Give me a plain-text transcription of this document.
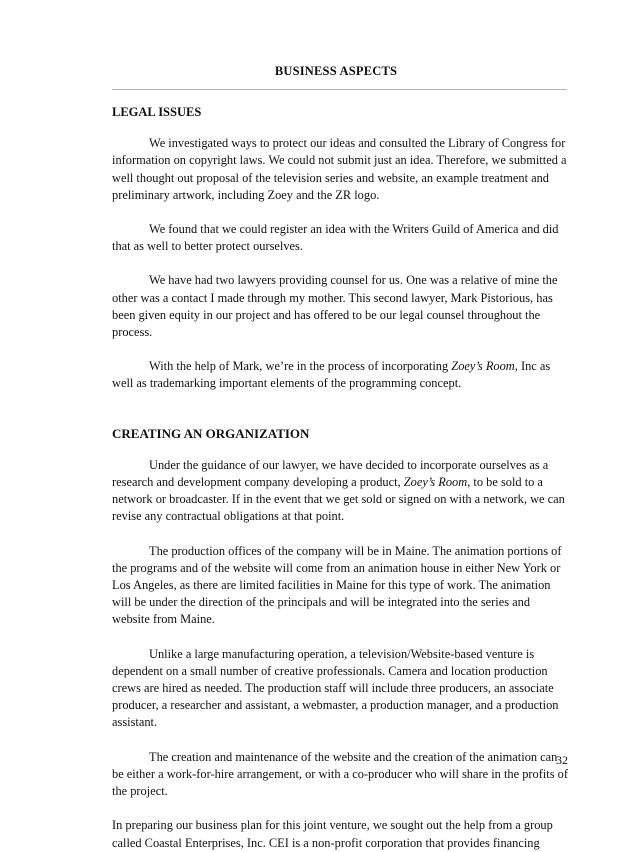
BUSINESS ASPECTS
LEGAL ISSUES

We investigated ways to protect our ideas and consulted the Library of Congress for information on copyright laws. We could not submit just an idea. Therefore, we submitted a well thought out proposal of the television series and website, an example treatment and preliminary artwork, including Zoey and the ZR logo.

We found that we could register an idea with the Writers Guild of America and did that as well to better protect ourselves.

We have had two lawyers providing counsel for us. One was a relative of mine the other was a contact I made through my mother. This second lawyer, Mark Pistorious, has been given equity in our project and has offered to be our legal counsel throughout the process.

With the help of Mark, we’re in the process of incorporating Zoey’s Room, Inc as well as trademarking important elements of the programming concept.

CREATING AN ORGANIZATION

Under the guidance of our lawyer, we have decided to incorporate ourselves as a research and development company developing a product, Zoey’s Room, to be sold to a network or broadcaster. If in the event that we get sold or signed on with a network, we can revise any contractual obligations at that point.

The production offices of the company will be in Maine. The animation portions of the programs and of the website will come from an animation house in either New York or Los Angeles, as there are limited facilities in Maine for this type of work. The animation will be under the direction of the principals and will be integrated into the series and website from Maine.

Unlike a large manufacturing operation, a television/Website-based venture is dependent on a small number of creative professionals. Camera and location production crews are hired as needed. The production staff will include three producers, an associate producer, a researcher and assistant, a webmaster, a production manager, and a production assistant.

The creation and maintenance of the website and the creation of the animation can be either a work-for-hire arrangement, or with a co-producer who will share in the profits of the project.

In preparing our business plan for this joint venture, we sought out the help from a group called Coastal Enterprises, Inc. CEI is a non-profit corporation that provides financing

32
